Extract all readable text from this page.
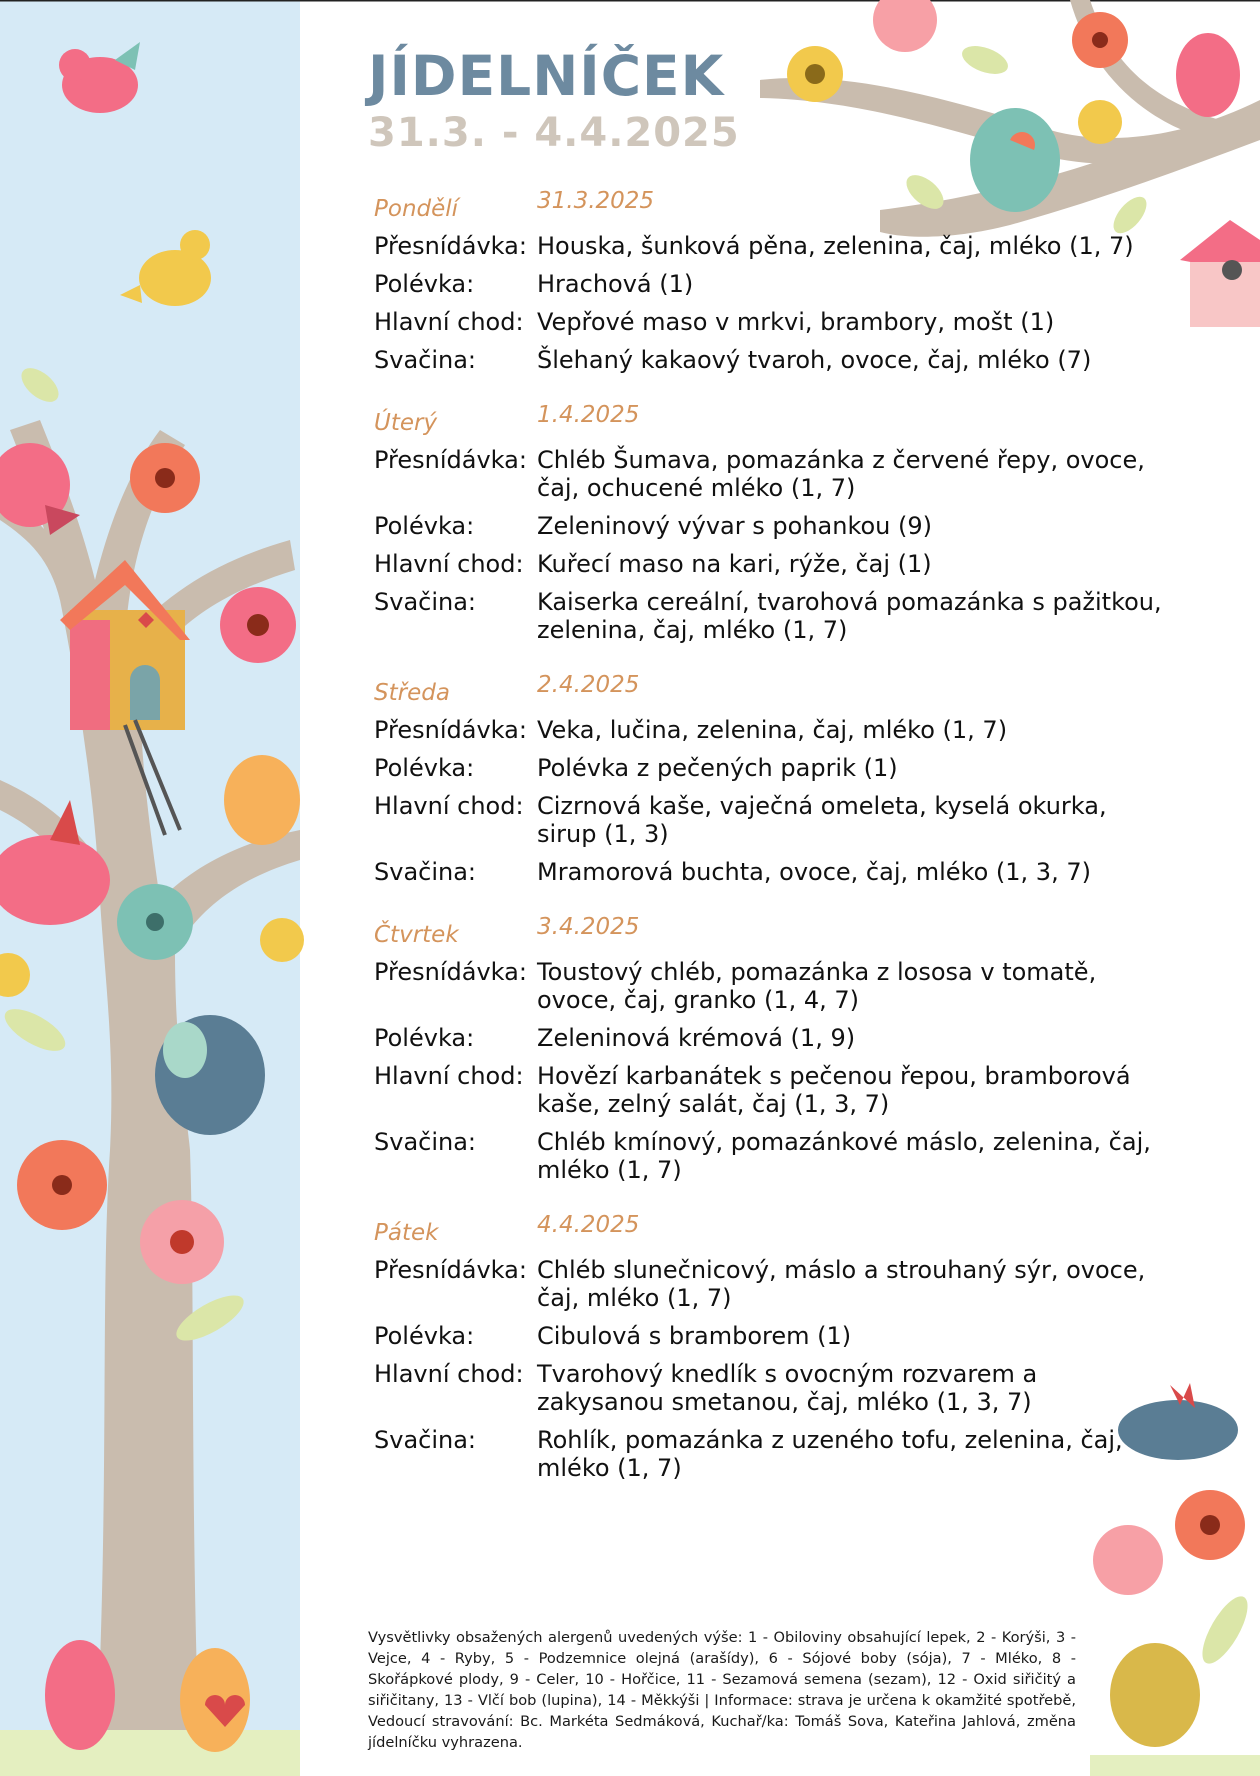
JÍDELNÍČEK
31.3. - 4.4.2025
Pondělí	31.3.2025
Přesnídávka: Houska, šunková pěna, zelenina, čaj, mléko (1, 7)
Polévka:	Hrachová (1)
Hlavní chod: Vepřové maso v mrkvi, brambory, mošt (1)
Svačina:	Šlehaný kakaový tvaroh, ovoce, čaj, mléko (7)
Úterý	1.4.2025
Přesnídávka: Chléb Šumava, pomazánka z červené řepy, ovoce, čaj, ochucené mléko (1, 7)
Polévka:	Zeleninový vývar s pohankou (9)
Hlavní chod: Kuřecí maso na kari, rýže, čaj (1)
Svačina:	Kaiserka cereální, tvarohová pomazánka s pažitkou, zelenina, čaj, mléko (1, 7)
Středa	2.4.2025
Přesnídávka: Veka, lučina, zelenina, čaj, mléko (1, 7)
Polévka:	Polévka z pečených paprik (1)
Hlavní chod: Cizrnová kaše, vaječná omeleta, kyselá okurka, sirup (1, 3)
Svačina:	Mramorová buchta, ovoce, čaj, mléko (1, 3, 7)
Čtvrtek	3.4.2025
Přesnídávka: Toustový chléb, pomazánka z lososa v tomatě, ovoce, čaj, granko (1, 4, 7)
Polévka:	Zeleninová krémová (1, 9)
Hlavní chod: Hovězí karbanátek s pečenou řepou, bramborová kaše, zelný salát, čaj (1, 3, 7)
Svačina:	Chléb kmínový, pomazánkové máslo, zelenina, čaj, mléko (1, 7)
Pátek	4.4.2025
Přesnídávka: Chléb slunečnicový, máslo a strouhaný sýr, ovoce, čaj, mléko (1, 7)
Polévka:	Cibulová s bramborem (1)
Hlavní chod: Tvarohový knedlík s ovocným rozvarem a zakysanou smetanou, čaj, mléko (1, 3, 7)
Svačina:	Rohlík, pomazánka z uzeného tofu, zelenina, čaj, mléko (1, 7)
Vysvětlivky obsažených alergenů uvedených výše: 1 - Obiloviny obsahující lepek, 2 - Korýši, 3 - Vejce, 4 - Ryby, 5 - Podzemnice olejná (arašídy), 6 - Sójové boby (sója), 7 - Mléko, 8 - Skořápkové plody, 9 - Celer, 10 - Hořčice, 11 - Sezamová semena (sezam), 12 - Oxid siřičitý a siřičitany, 13 - Vlčí bob (lupina), 14 - Měkkýši | Informace: strava je určena k okamžité spotřebě, Vedoucí stravování: Bc. Markéta Sedmáková, Kuchař/ka: Tomáš Sova, Kateřina Jahlová, změna jídelníčku vyhrazena.
